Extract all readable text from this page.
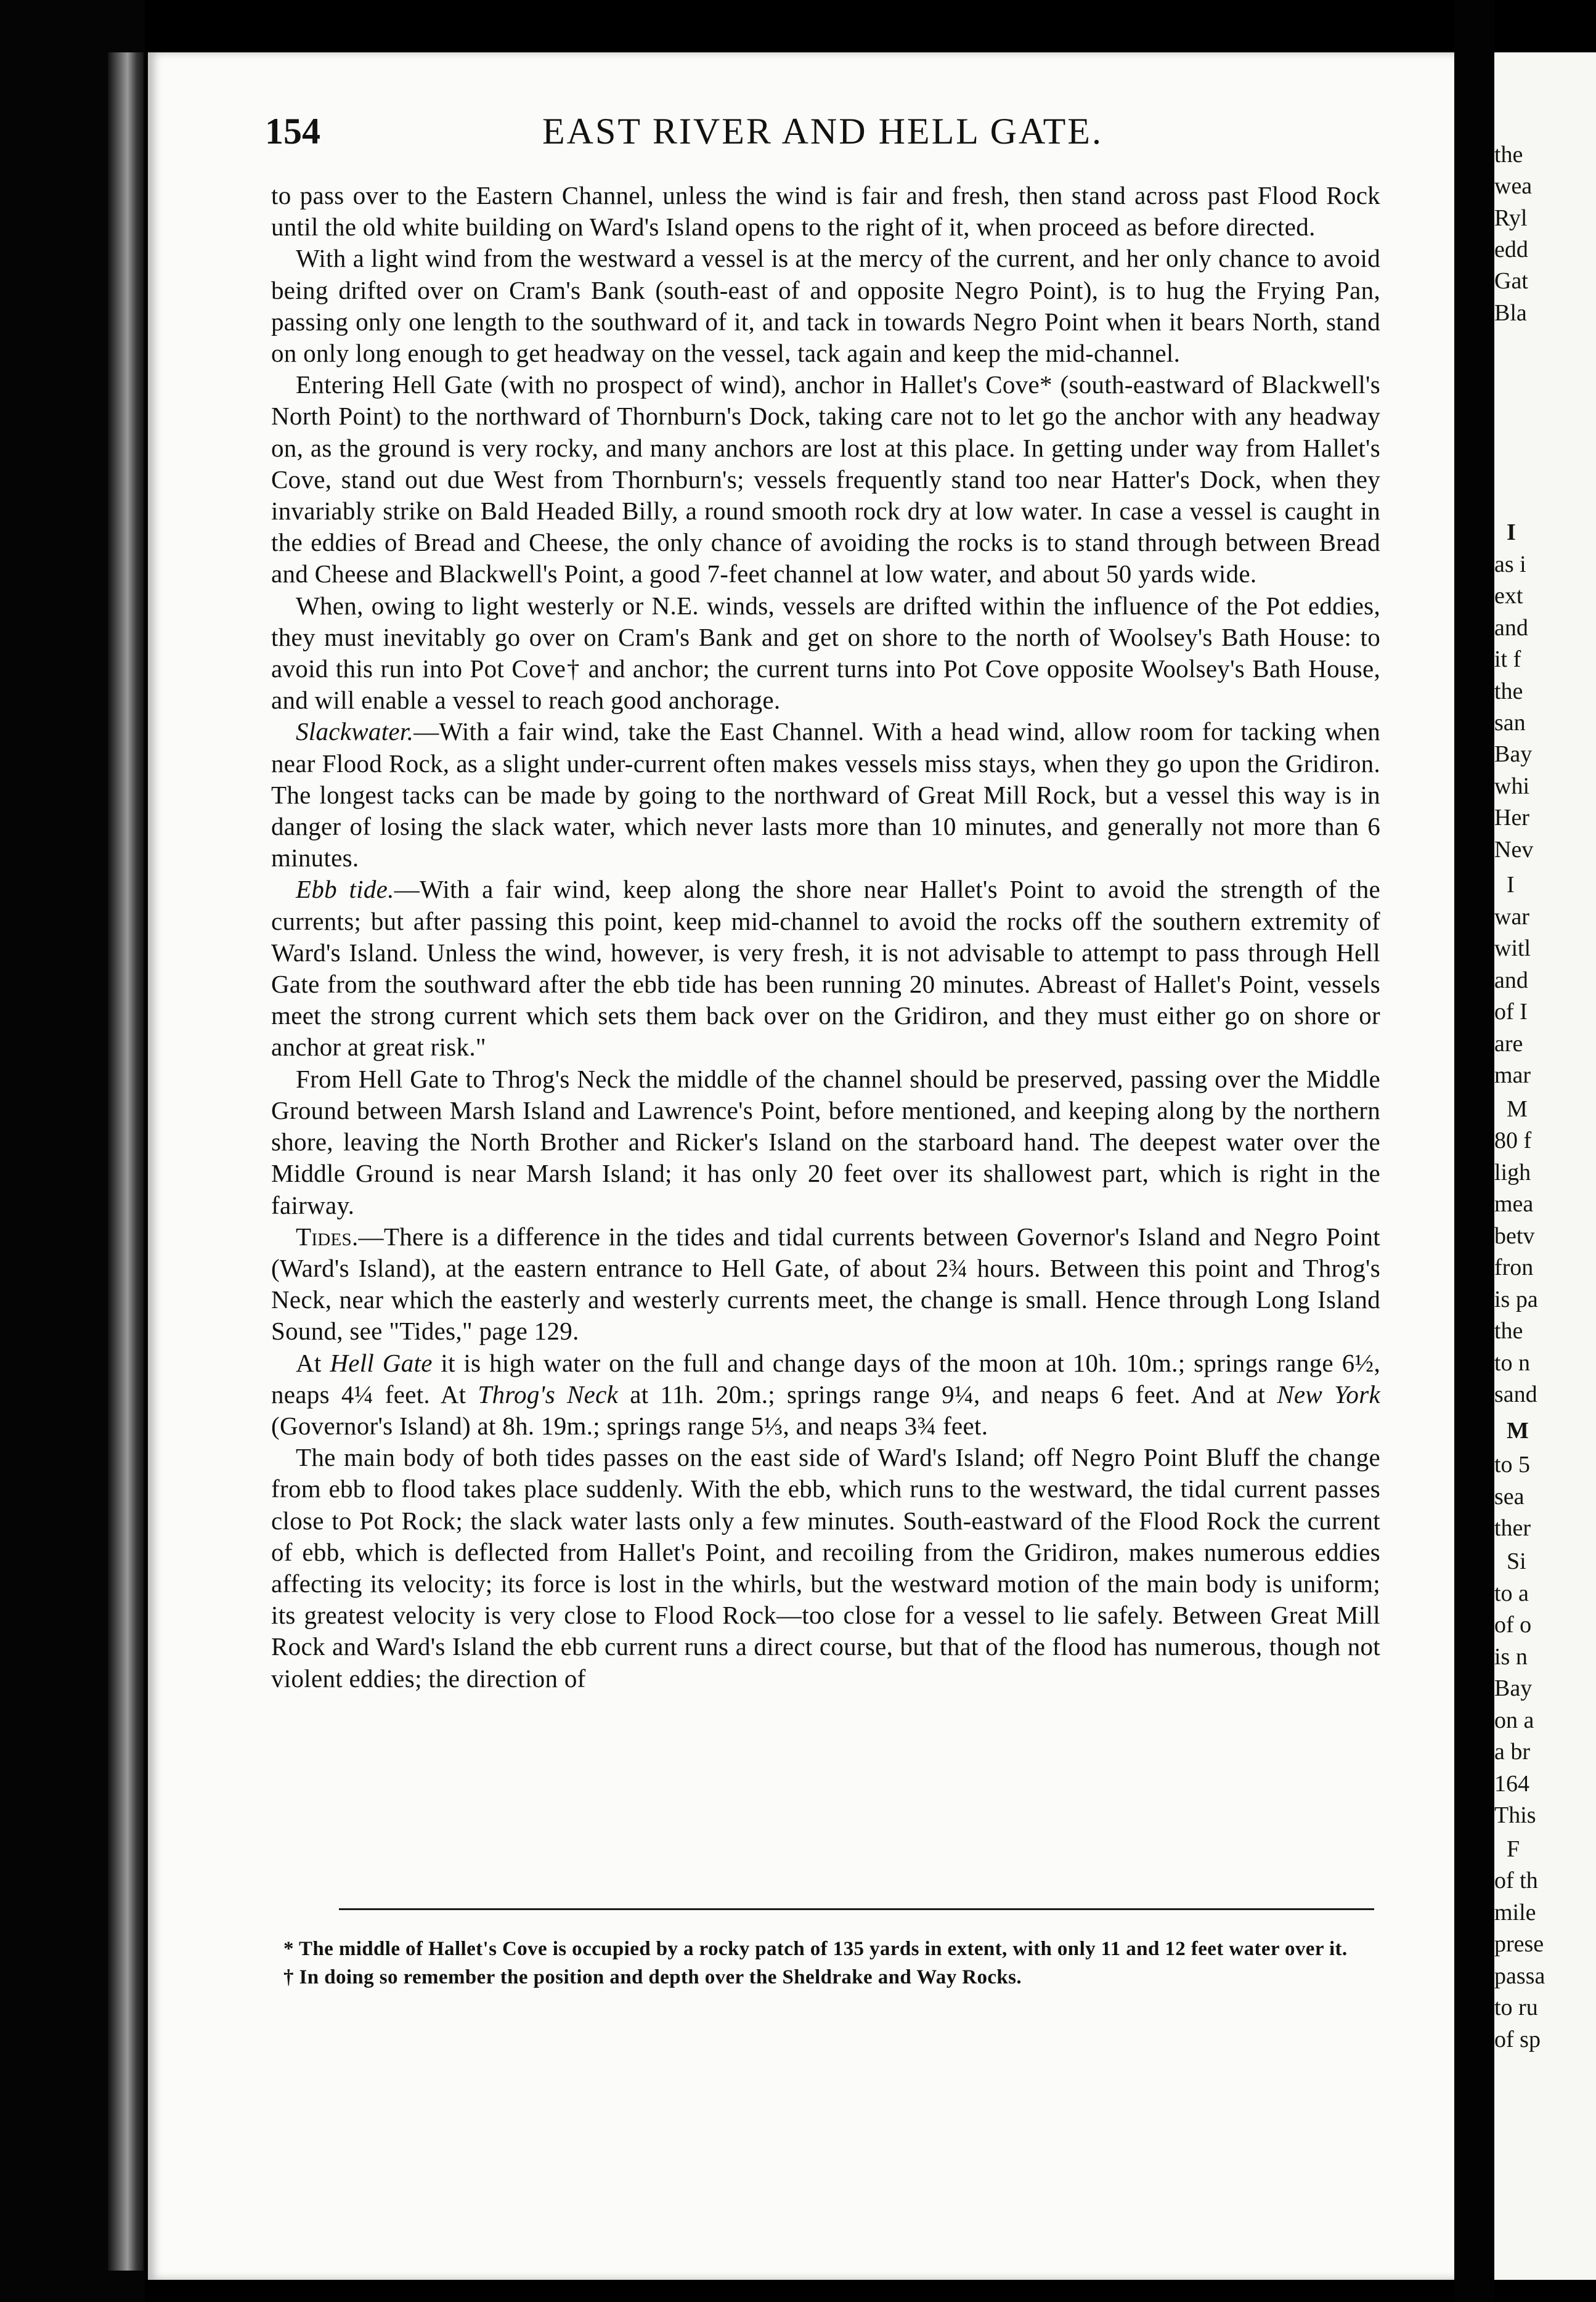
the
wea
Ryl
edd
Gat
Bla
I
as i
ext
and
it f
the
san
Bay
whi
Her
Nev
I
war
witl
and
of I
are
mar
M
80 f
ligh
mea
betv
fron
is pa
the
to n
sand
M
to 5
sea
ther
Si
to a
of o
is n
Bay
on a
a br
164
This
F
of th
mile
prese
passa
to ru
of sp
154	EAST RIVER AND HELL GATE.

to pass over to the Eastern Channel, unless the wind is fair and fresh, then stand across past Flood Rock until the old white building on Ward's Island opens to the right of it, when proceed as before directed.

With a light wind from the westward a vessel is at the mercy of the current, and her only chance to avoid being drifted over on Cram's Bank (south-east of and opposite Negro Point), is to hug the Frying Pan, passing only one length to the southward of it, and tack in towards Negro Point when it bears North, stand on only long enough to get headway on the vessel, tack again and keep the mid-channel.

Entering Hell Gate (with no prospect of wind), anchor in Hallet's Cove* (south-eastward of Blackwell's North Point) to the northward of Thornburn's Dock, taking care not to let go the anchor with any headway on, as the ground is very rocky, and many anchors are lost at this place. In getting under way from Hallet's Cove, stand out due West from Thornburn's; vessels frequently stand too near Hatter's Dock, when they invariably strike on Bald Headed Billy, a round smooth rock dry at low water. In case a vessel is caught in the eddies of Bread and Cheese, the only chance of avoiding the rocks is to stand through between Bread and Cheese and Blackwell's Point, a good 7-feet channel at low water, and about 50 yards wide.

When, owing to light westerly or N.E. winds, vessels are drifted within the influence of the Pot eddies, they must inevitably go over on Cram's Bank and get on shore to the north of Woolsey's Bath House: to avoid this run into Pot Cove† and anchor; the current turns into Pot Cove opposite Woolsey's Bath House, and will enable a vessel to reach good anchorage.

Slackwater.—With a fair wind, take the East Channel. With a head wind, allow room for tacking when near Flood Rock, as a slight under-current often makes vessels miss stays, when they go upon the Gridiron. The longest tacks can be made by going to the northward of Great Mill Rock, but a vessel this way is in danger of losing the slack water, which never lasts more than 10 minutes, and generally not more than 6 minutes.

Ebb tide.—With a fair wind, keep along the shore near Hallet's Point to avoid the strength of the currents; but after passing this point, keep mid-channel to avoid the rocks off the southern extremity of Ward's Island. Unless the wind, however, is very fresh, it is not advisable to attempt to pass through Hell Gate from the southward after the ebb tide has been running 20 minutes. Abreast of Hallet's Point, vessels meet the strong current which sets them back over on the Gridiron, and they must either go on shore or anchor at great risk."

From Hell Gate to Throg's Neck the middle of the channel should be preserved, passing over the Middle Ground between Marsh Island and Lawrence's Point, before mentioned, and keeping along by the northern shore, leaving the North Brother and Ricker's Island on the starboard hand. The deepest water over the Middle Ground is near Marsh Island; it has only 20 feet over its shallowest part, which is right in the fairway.

Tides.—There is a difference in the tides and tidal currents between Governor's Island and Negro Point (Ward's Island), at the eastern entrance to Hell Gate, of about 2¾ hours. Between this point and Throg's Neck, near which the easterly and westerly currents meet, the change is small. Hence through Long Island Sound, see "Tides," page 129.

At Hell Gate it is high water on the full and change days of the moon at 10h. 10m.; springs range 6½, neaps 4¼ feet. At Throg's Neck at 11h. 20m.; springs range 9¼, and neaps 6 feet. And at New York (Governor's Island) at 8h. 19m.; springs range 5⅓, and neaps 3¾ feet.

The main body of both tides passes on the east side of Ward's Island; off Negro Point Bluff the change from ebb to flood takes place suddenly. With the ebb, which runs to the westward, the tidal current passes close to Pot Rock; the slack water lasts only a few minutes. South-eastward of the Flood Rock the current of ebb, which is deflected from Hallet's Point, and recoiling from the Gridiron, makes numerous eddies affecting its velocity; its force is lost in the whirls, but the westward motion of the main body is uniform; its greatest velocity is very close to Flood Rock—too close for a vessel to lie safely. Between Great Mill Rock and Ward's Island the ebb current runs a direct course, but that of the flood has numerous, though not violent eddies; the direction of

* The middle of Hallet's Cove is occupied by a rocky patch of 135 yards in extent, with only 11 and 12 feet water over it.

† In doing so remember the position and depth over the Sheldrake and Way Rocks.
